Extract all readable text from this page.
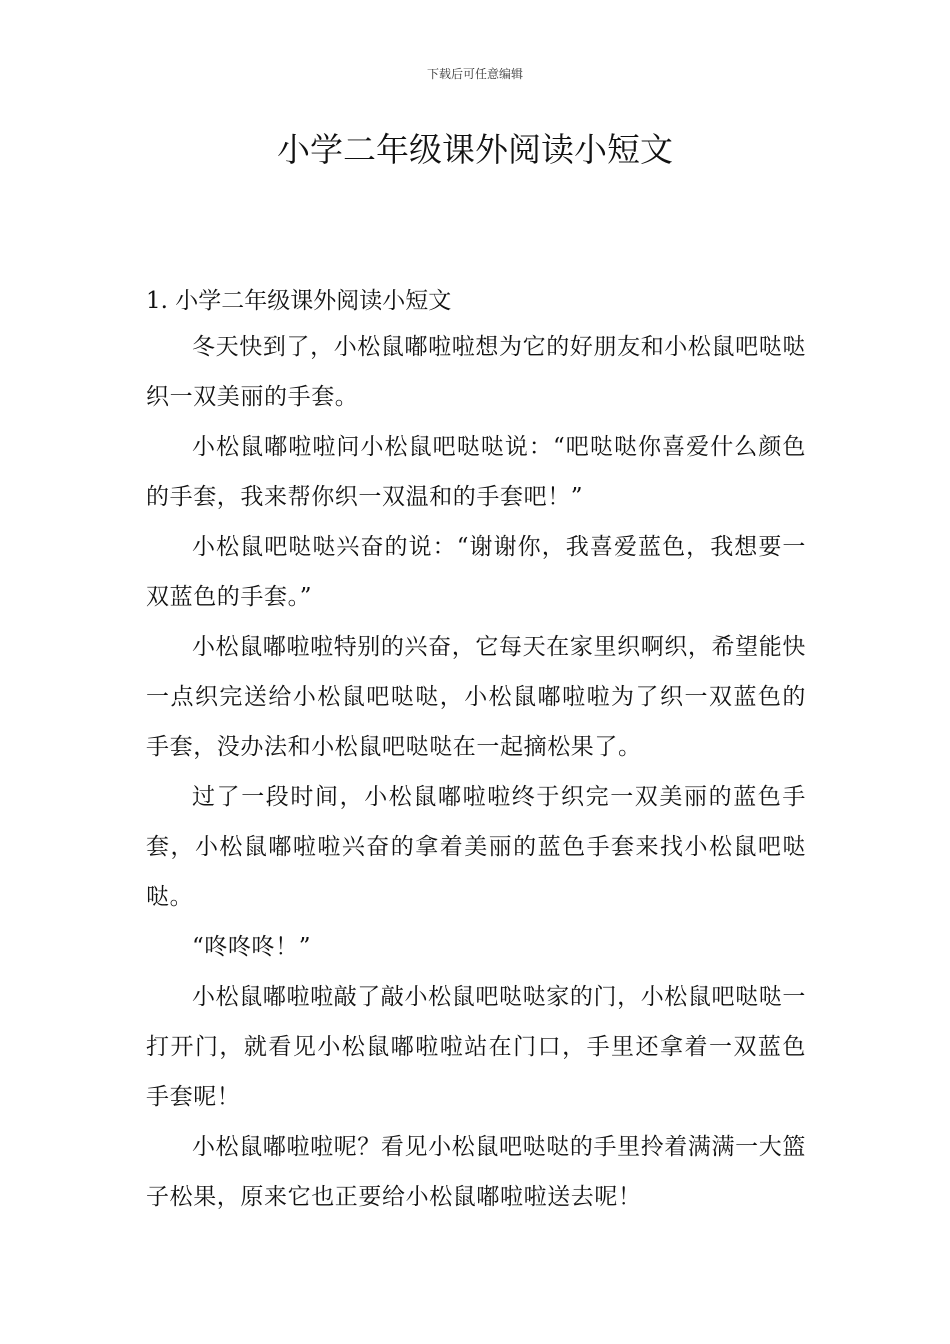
下载后可任意编辑
小学二年级课外阅读小短文
1. 小学二年级课外阅读小短文

冬天快到了，小松鼠嘟啦啦想为它的好朋友和小松鼠吧哒哒织一双美丽的手套。

小松鼠嘟啦啦问小松鼠吧哒哒说：“吧哒哒你喜爱什么颜色的手套，我来帮你织一双温和的手套吧！”

小松鼠吧哒哒兴奋的说：“谢谢你，我喜爱蓝色，我想要一双蓝色的手套。”

小松鼠嘟啦啦特别的兴奋，它每天在家里织啊织，希望能快一点织完送给小松鼠吧哒哒，小松鼠嘟啦啦为了织一双蓝色的手套，没办法和小松鼠吧哒哒在一起摘松果了。

过了一段时间，小松鼠嘟啦啦终于织完一双美丽的蓝色手套，小松鼠嘟啦啦兴奋的拿着美丽的蓝色手套来找小松鼠吧哒哒。

“咚咚咚！”

小松鼠嘟啦啦敲了敲小松鼠吧哒哒家的门，小松鼠吧哒哒一打开门，就看见小松鼠嘟啦啦站在门口，手里还拿着一双蓝色手套呢！

小松鼠嘟啦啦呢？看见小松鼠吧哒哒的手里拎着满满一大篮子松果，原来它也正要给小松鼠嘟啦啦送去呢！
